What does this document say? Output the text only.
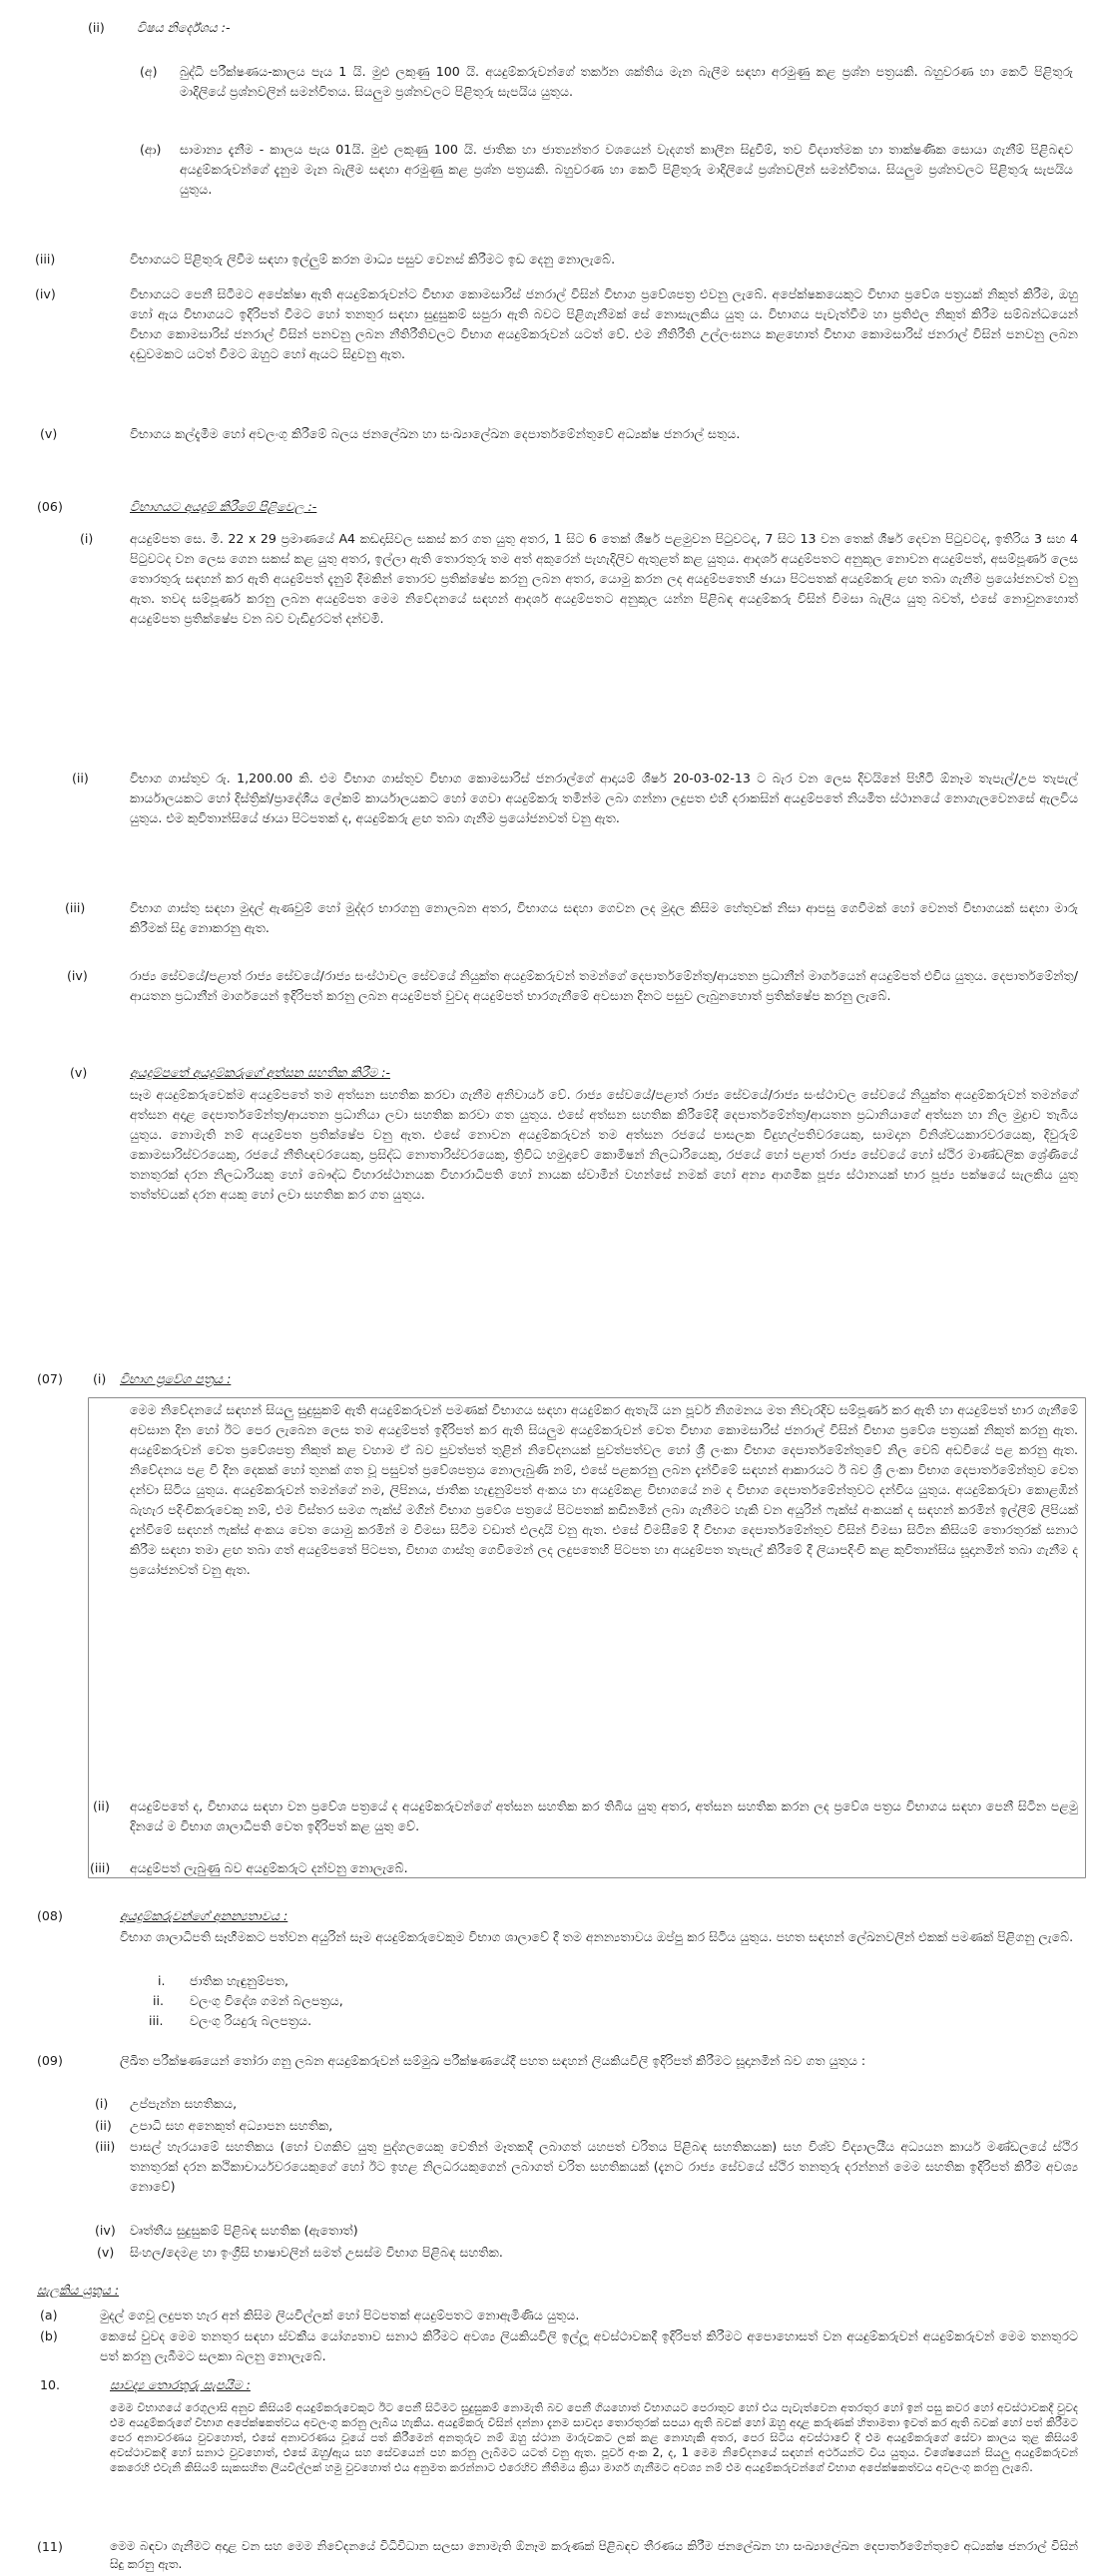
(ii)	විෂය නිර්දේශය :-
(අ) බුද්ධි පරීක්ෂණය-කාලය පැය 1 යි. මුළු ලකුණු 100 යි. අයදුම්කරුවන්ගේ තර්කන ශක්තිය මැන බැලීම සඳහා අරමුණු කළ ප්‍රශ්න පත්‍රයකි. බහුවරණ හා කෙටි පිළිතුරු මාදිලියේ ප්‍රශ්නවලින් සමන්විතය. සියලුම ප්‍රශ්නවලට පිළිතුරු සැපයිය යුතුය.
(ආ) සාමාන්‍ය දැනීම - කාලය පැය 01යි. මුළු ලකුණු 100 යි. ජාතික හා ජාත්‍යන්තර වශයෙන් වැදගත් කාලීන සිදුවීම්, තව විද්‍යාත්මක හා තාක්ෂණික සොයා ගැනීම් පිළිබඳව අයදුම්කරුවන්ගේ දැනුම මැන බැලීම සඳහා අරමුණු කළ ප්‍රශ්න පත්‍රයකි. බහුවරණ හා කෙටි පිළිතුරු මාදිලියේ ප්‍රශ්නවලින් සමන්විතය. සියලුම ප්‍රශ්නවලට පිළිතුරු සැපයිය යුතුය.
(iii)	විභාගයට පිළිතුරු ලිවීම සඳහා ඉල්ලුම් කරන මාධ්‍ය පසුව වෙනස් කිරීමට ඉඩ දෙනු නොලැබේ.
(iv)	විභාගයට පෙනී සිටීමට අපේක්ෂා ඇති අයදුම්කරුවන්ට විභාග කොමසාරිස් ජනරාල් විසින් විභාග ප්‍රවේශපත්‍ර එවනු ලැබේ. අපේක්ෂකයෙකුට විභාග ප්‍රවේශ පත්‍රයක් නිකුත් කිරීම, ඔහු හෝ ඇය විභාගයට ඉදිරිපත් වීමට හෝ තනතුර සඳහා සුදුසුකම් සපුරා ඇති බවට පිළිගැනීමක් සේ නොසැලකිය යුතු ය. විභාගය පැවැත්වීම හා ප්‍රතිඵල නිකුත් කිරීම සම්බන්ධයෙන් විභාග කොමසාරිස් ජනරාල් විසින් පනවනු ලබන නීතිරීතිවලට විභාග අයදුම්කරුවන් යටත් වේ. එම නීතිරීති උල්ලංඝනය කළහොත් විභාග කොමසාරිස් ජනරාල් විසින් පනවනු ලබන දඬුවමකට යටත් වීමට ඔහුට හෝ ඇයට සිදුවනු ඇත.
(v)	විභාගය කල්දැමීම හෝ අවලංගු කිරීමේ බලය ජනලේඛන හා සංඛ්‍යාලේඛන දෙපාර්තමේන්තුවේ අධ්‍යක්ෂ ජනරාල් සතුය.
(06)	විභාගයට අයදුම් කිරීමේ පිළිවෙල :-
(i)	අයදුම්පත සෙ. මී. 22 x 29 ප්‍රමාණයේ A4 කඩදාසිවල සකස් කර ගත යුතු අතර, 1 සිට 6 තෙක් ශීර්ෂ පළමුවන පිටුවටද, 7 සිට 13 වන තෙක් ශීර්ෂ දෙවන පිටුවටද, ඉතිරිය 3 සහ 4 පිටුවටද වන ලෙස ගෙන සකස් කළ යුතු අතර, ඉල්ලා ඇති තොරතුරු තම අත් අකුරෙන් පැහැදිලිව ඇතුළත් කළ යුතුය. ආදර්ශ අයදුම්පතට අනුකූල නොවන අයදුම්පත්, අසම්පූර්ණ ලෙස තොරතුරු සඳහන් කර ඇති අයදුම්පත් දැනුම් දීමකින් තොරව ප්‍රතික්ෂේප කරනු ලබන අතර, යොමු කරන ලද අයදුම්පතෙහි ඡායා පිටපතක් අයදුම්කරු ළඟ තබා ගැනීම ප්‍රයෝජනවත් වනු ඇත. තවද සම්පූර්ණ කරනු ලබන අයදුම්පත මෙම නිවේදනයේ සඳහන් ආදර්ශ අයදුම්පතට අනුකූල යන්න පිළිබඳ අයදුම්කරු විසින් විමසා බැලිය යුතු බවත්, එසේ නොවුනහොත් අයදුම්පත ප්‍රතික්ෂේප වන බව වැඩිදුරටත් දන්වමි.
(ii)	විභාග ගාස්තුව රු. 1,200.00 කි. එම විභාග ගාස්තුව විභාග කොමසාරිස් ජනරාල්ගේ ආදායම් ශීර්ෂ 20-03-02-13 ට බැර වන ලෙස දිවයිනේ පිහිටි ඕනෑම තැපැල්/උප තැපැල් කාර්යාලයකට හෝ දිස්ත්‍රික්/ප්‍රාදේශීය ලේකම් කාර්යාලයකට හෝ ගෙවා අයදුම්කරු තමින්ම ලබා ගන්නා ලදුපත එහි දරාකසින් අයදුම්පතේ නියමිත ස්ථානයේ නොගැලවෙනසේ ඇලවිය යුතුය. එම කුවිතාන්සියේ ඡායා පිටපතක් ද, අයදුම්කරු ළඟ තබා ගැනීම ප්‍රයෝජනවත් වනු ඇත.
(iii)	විභාග ගාස්තු සඳහා මුදල් ඇණවුම් හෝ මුද්දර භාරගනු නොලබන අතර, විභාගය සඳහා ගෙවන ලද මුදල කිසිම හේතුවක් නිසා ආපසු ගෙවීමක් හෝ වෙනත් විභාගයක් සඳහා මාරු කිරීමක් සිදු නොකරනු ඇත.
(iv)	රාජ්‍ය සේවයේ/පළාත් රාජ්‍ය සේවයේ/රාජ්‍ය සංස්ථාවල සේවයේ නියුක්ත අයදුම්කරුවන් තමන්ගේ දෙපාර්තමේන්තු/ආයතන ප්‍රධානීන් මාර්ගයෙන් අයදුම්පත් එවිය යුතුය. දෙපාර්තමේන්තු/ආයතන ප්‍රධානීන් මාර්ගයෙන් ඉදිරිපත් කරනු ලබන අයදුම්පත් වුවද අයදුම්පත් භාරගැනීමේ අවසාන දිනට පසුව ලැබුනහොත් ප්‍රතික්ෂේප කරනු ලැබේ.
(v)	අයදුම්පතේ අයදුම්කරුගේ අත්සන සහතික කිරීම :-
සෑම අයදුම්කරුවෙක්ම අයදුම්පතේ තම අත්සන සහතික කරවා ගැනීම අනිවාර්ය වේ. රාජ්‍ය සේවයේ/පළාත් රාජ්‍ය සේවයේ/රාජ්‍ය සංස්ථාවල සේවයේ නියුක්ත අයදුම්කරුවන් තමන්ගේ අත්සන අදාළ දෙපාර්තමේන්තු/ආයතන ප්‍රධානියා ලවා සහතික කරවා ගත යුතුය. එසේ අත්සන සහතික කිරීමේදී දෙපාර්තමේන්තු/ආයතන ප්‍රධානියාගේ අත්සන හා නිල මුද්‍රාව තැබිය යුතුය. නොමැති නම් අයදුම්පත ප්‍රතික්ෂේප වනු ඇත. එසේ නොවන අයදුම්කරුවන් තම අත්සන රජයේ පාසලක විදුහල්පතිවරයෙකු, සාමදාන විනිශ්චයකාරවරයෙකු, දිවුරුම් කොමසාරිස්වරයෙකු, රජයේ නීතිඥවරයෙකු, ප්‍රසිද්ධ නොතාරිස්වරයෙකු, ත්‍රිවිධ හමුදාවේ කොමිෂන් නිලධාරියෙකු, රජයේ හෝ පළාත් රාජ්‍ය සේවයේ හෝ ස්ථිර මාණ්ඩලික ශ්‍රේණියේ තනතුරක් දරන නිලධාරියකු හෝ බෞද්ධ විහාරස්ථානයක විහාරාධිපති හෝ නායක ස්වාමීන් වහන්සේ නමක් හෝ අන්‍ය ආගමික පූජ්‍ය ස්ථානයක් භාර පූජ්‍ය පක්ෂයේ සැලකිය යුතු තත්ත්වයක් දරන අයකු හෝ ලවා සහතික කර ගත යුතුය.
(07) (i) විභාග ප්‍රවේශ පත්‍රය :
මෙම නිවේදනයේ සඳහන් සියලු සුදුසුකම් ඇති අයදුම්කරුවන් පමණක් විභාගය සඳහා අයදුම්කර ඇතැයි යන පූර්ව නිගමනය මත නිවැරදිව සම්පූර්ණ කර ඇති හා අයදුම්පත් භාර ගැනීමේ අවසාන දින හෝ ඊට පෙර ලැබෙන ලෙස තම අයදුම්පත් ඉදිරිපත් කර ඇති සියලුම අයදුම්කරුවන් වෙත විභාග කොමසාරිස් ජනරාල් විසින් විභාග ප්‍රවේශ පත්‍රයක් නිකුත් කරනු ඇත. අයදුම්කරුවන් වෙත ප්‍රවේශපත්‍ර නිකුත් කළ වහාම ඒ බව පුවත්පත් තුළින් නිවේදනයක් පුවත්පත්වල හෝ ශ්‍රී ලංකා විභාග දෙපාර්තමේන්තුවේ නිල වෙබ් අඩවියේ පළ කරනු ඇත. නිවේදනය පළ වී දින දෙකක් හෝ තුනක් ගත වූ පසුවත් ප්‍රවේශපත්‍රය නොලැබුණි නම්, එසේ පළකරනු ලබන දැන්වීමේ සඳහන් ආකාරයට ඊ බව ශ්‍රී ලංකා විභාග දෙපාර්තමේන්තුව වෙත දන්වා සිටිය යුතුය. අයදුම්කරුවන් තමන්ගේ නම, ලිපිනය, ජාතික හැඳුනුම්පත් අංකය හා අයදුම්කළ විභාගයේ නම ද විභාග දෙපාර්තමේන්තුවට දන්විය යුතුය. අයදුම්කරුවා කොළඹින් බැහැර පදිංචිකරුවෙකු නම්, එම විස්තර සමග ෆැක්ස් මගින් විභාග ප්‍රවේශ පත්‍රයේ පිටපතක් කඩිනමින් ලබා ගැනීමට හැකි වන අයුරින් ෆැක්ස් අංකයක් ද සඳහන් කරමින් ඉල්ලීම් ලිපියක් දැන්වීමේ සඳහන් ෆැක්ස් අංකය වෙත යොමු කරමින් ම විමසා සිටීම වඩාත් එලදායි වනු ඇත. එසේ විමසීමේ දී විභාග දෙපාර්තමේන්තුව විසින් විමසා සිටින කිසියම් තොරතුරක් සනාථ කිරීම සඳහා තමා ළඟ තබා ගත් අයදුම්පතේ පිටපත, විභාග ගාස්තු ගෙවීමෙන් ලද ලදුපතෙහි පිටපත හා අයදුම්පත තැපැල් කිරීමේ දී ලියාපදිංචි කළ කුවිතාන්සිය සූදානමින් තබා ගැනීම ද ප්‍රයෝජනවත් වනු ඇත.
(ii) අයදුම්පතේ ද, විභාගය සඳහා වන ප්‍රවේශ පත්‍රයේ ද අයදුම්කරුවන්ගේ අත්සන සහතික කර තිබිය යුතු අතර, අත්සන සහතික කරන ලද ප්‍රවේශ පත්‍රය විභාගය සඳහා පෙනී සිටින පළමු දිනයේ ම විභාග ශාලාධිපති වෙත ඉදිරිපත් කළ යුතු වේ.
(iii) අයදුම්පත් ලැබුණු බව අයදුම්කරුට දන්වනු නොලැබේ.
(08)	අයදුම්කරුවන්ගේ අනන්‍යතාවය :
විභාග ශාලාධිපති සෑහීමකට පත්වන අයුරින් සෑම අයදුම්කරුවෙකුම විභාග ශාලාවේ දී තම අනන්‍යතාවය ඔප්පු කර සිටිය යුතුය. පහත සඳහන් ලේඛනවලින් එකක් පමණක් පිළිගනු ලැබේ.
i. ජාතික හැඳුනුම්පත,
ii. වලංගු විදේශ ගමන් බලපත්‍රය,
iii. වලංගු රියදුරු බලපත්‍රය.
(09)	ලිඛිත පරීක්ෂණයෙන් තෝරා ගනු ලබන අයදුම්කරුවන් සම්මුඛ පරීක්ෂණයේදී පහත සඳහන් ලියකියවිලි ඉදිරිපත් කිරීමට සූදානමින් බව ගත යුතුය :
(i) උප්පැන්න සහතිකය,
(ii) උපාධි සහ අනෙකුත් අධ්‍යාපන සහතික,
(iii) පාසල් හැරයාමේ සහතිකය (හෝ වගකිව යුතු පුද්ගලයෙකු වෙතින් මෑතකදී ලබාගත් යහපත් චරිතය පිළිබඳ සහතිකයක) සහ විශ්ව විද්‍යාලයීය අධ්‍යයන කාර්ය මණ්ඩලයේ ස්ථිර තනතුරක් දරන කථිකාචාර්යවරයෙකුගේ හෝ ඊට ඉහළ නිලධරයකුගෙන් ලබාගත් චරිත සහතිකයක් (දැනට රාජ්‍ය සේවයේ ස්ථිර තනතුරු දරන්නන් මෙම සහතික ඉදිරිපත් කිරීම අවශ්‍ය නොවේ)
(iv) වෘත්තීය සුදුසුකම් පිළිබඳ සහතික (ඇතොත්)
(v) සිංහල/දෙමළ හා ඉංග්‍රීසි භාෂාවලින් සමත් උසස්ම විභාග පිළිබඳ සහතික.
සැලකිය යුතුය :
(a)	මුදල් ගෙවූ ලදුපත හැර අන් කිසිම ලියවිල්ලක් හෝ පිටපතක් අයදුම්පතට නොඇමිණිය යුතුය.
(b)	කෙසේ වුවද මෙම තනතුර සඳහා ස්වකීය යෝග්‍යතාව සනාථ කිරීමට අවශ්‍ය ලියකියවිලි ඉල්ලූ අවස්ථාවකදී ඉදිරිපත් කිරීමට අපොහොසත් වන අයදුම්කරුවන් අයදුම්කරුවන් මෙම තනතුරට පත් කරනු ලැබීමට සලකා බලනු නොලැබේ.
10.	සාවද්‍ය තොරතුරු සැපයීම :
මෙම විභාගයේ රෙගුලාසි අනුව කිසියම් අයදුම්කරුවෙකුට ඊට පෙනී සිටීමට සුදුසුකම් නොමැති බව පෙනී ගියහොත් විභාගයට පෙරාතුව හෝ එය පැවැත්වෙන අතරතුර හෝ ඉන් පසු කවර හෝ අවස්ථාවකදී වුවද එම අයදුම්කරුගේ විභාග අපේක්ෂකත්වය අවලංගු කරනු ලැබිය හැකිය. අයදුම්කරු විසින් දන්නා දැනම සාවද්‍ය තොරතුරක් සපයා ඇති බවක් හෝ ඔහු අදාළ කරුණක් හිතාමතා ඉවත් කර ඇති බවක් හෝ පත් කිරීමට පෙර අනාවරණය වුවහොත්, එසේ අනාවරණය වූයේ පත් කිරීමෙන් අනතුරුව නම් ඔහු ස්ථාන මාරුවකට ලක් කළ නොහැකි අතර, පෙර සිටිය අවස්ථාවේ දී එම අයදුම්කරුගේ සේවා කාලය තුළ කිසියම් අවස්ථාවකදී හෝ සනාථ වුවහොත්, එසේ ඔහු/ඇය සහ සේවයෙන් පහ කරනු ලැබීමට යටත් වනු ඇත. පූර්ව අංක 2, ද, 1 මෙම නිවේදනයේ සඳහන් අර්ථයන්ට විය යුතුය. විශේෂයෙන් සියලු අයදුම්කරුවන් කෙරෙහි එවැනි කිසියම් සැකසහිත ලියවිල්ලක් හමු වුවහොත් එය අනුමත කරන්නාට එරෙහිව නීතිමය ක්‍රියා මාර්ග ගැනීමට අවශ්‍ය නම් එම අයදුම්කරුවන්ගේ විභාග අපේක්ෂකත්වය අවලංගු කරනු ලැබේ.
(11)	මෙම බඳවා ගැනීමට අදාළ වන සහ මෙම නිවේදනයේ විධිවිධාන සලසා නොමැති ඕනෑම කරුණක් පිළිබඳව තීරණය කිරීම ජනලේඛන හා සංඛ්‍යාලේඛන දෙපාර්තමේන්තුවේ අධ්‍යක්ෂ ජනරාල් විසින් සිදු කරනු ඇත.
